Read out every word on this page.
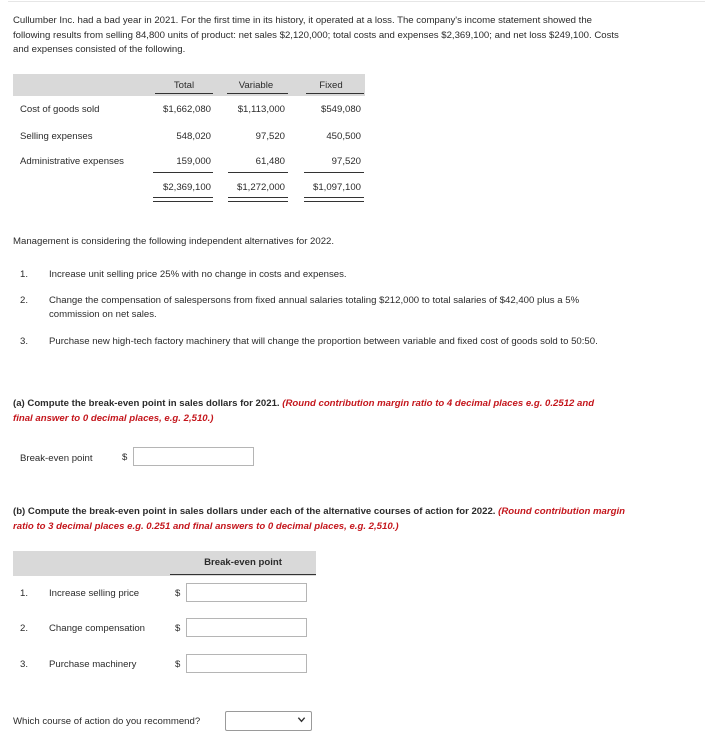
Cullumber Inc. had a bad year in 2021. For the first time in its history, it operated at a loss. The company's income statement showed the following results from selling 84,800 units of product: net sales $2,120,000; total costs and expenses $2,369,100; and net loss $249,100. Costs and expenses consisted of the following.
Total	Variable	Fixed
Cost of goods sold	$1,662,080	$1,113,000	$549,080
Selling expenses	548,020	97,520	450,500
Administrative expenses	159,000	61,480	97,520
$2,369,100	$1,272,000	$1,097,100
Management is considering the following independent alternatives for 2022.
1. Increase unit selling price 25% with no change in costs and expenses.
2. Change the compensation of salespersons from fixed annual salaries totaling $212,000 to total salaries of $42,400 plus a 5% commission on net sales.
3. Purchase new high-tech factory machinery that will change the proportion between variable and fixed cost of goods sold to 50:50.
(a) Compute the break-even point in sales dollars for 2021. (Round contribution margin ratio to 4 decimal places e.g. 0.2512 and final answer to 0 decimal places, e.g. 2,510.)
Break-even point	$
(b) Compute the break-even point in sales dollars under each of the alternative courses of action for 2022. (Round contribution margin ratio to 3 decimal places e.g. 0.251 and final answers to 0 decimal places, e.g. 2,510.)
Break-even point
1. Increase selling price	$
2. Change compensation	$
3. Purchase machinery	$
Which course of action do you recommend?
